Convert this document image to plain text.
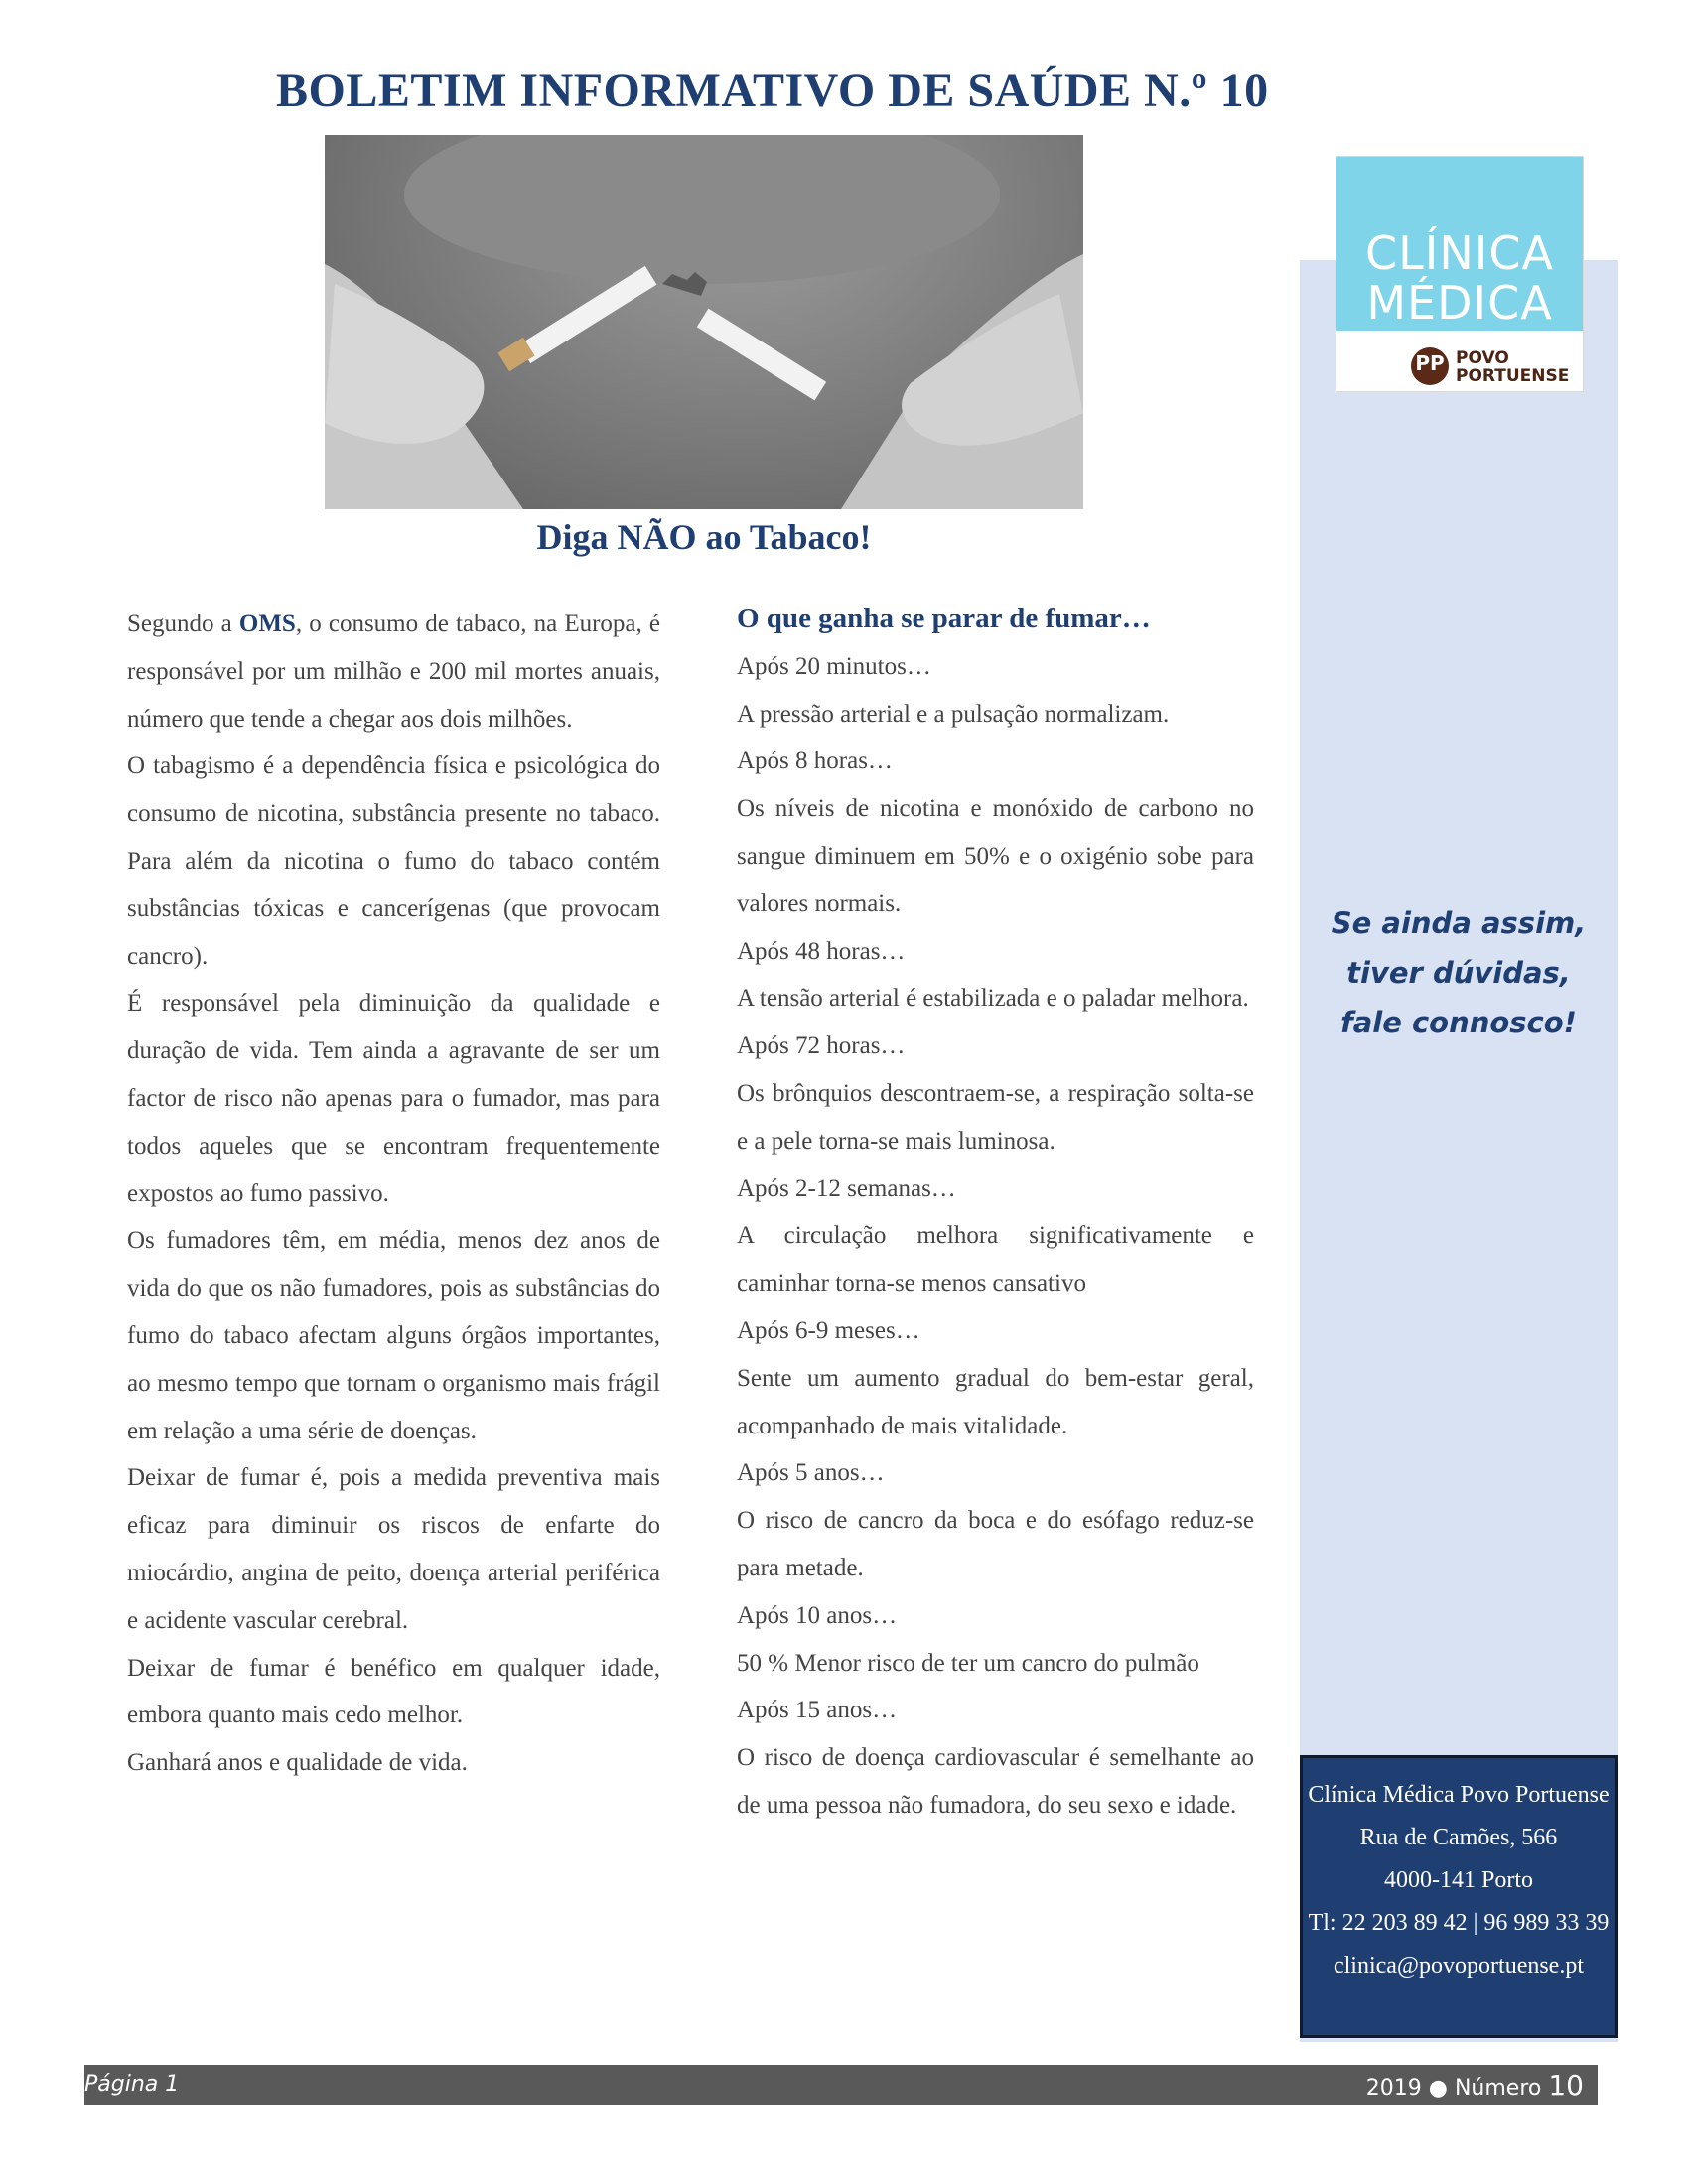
BOLETIM INFORMATIVO DE SAÚDE N.º 10
Diga NÃO ao Tabaco!
CLÍNICA
MÉDICA
PP POVO
PORTUENSE
Se ainda assim,
tiver dúvidas,
fale connosco!
Clínica Médica Povo Portuense
Rua de Camões, 566
4000-141 Porto
Tl: 22 203 89 42 | 96 989 33 39
clinica@povoportuense.pt

Segundo a OMS, o consumo de tabaco, na Europa, é responsável por um milhão e 200 mil mortes anuais, número que tende a chegar aos dois milhões.

O tabagismo é a dependência física e psicológica do consumo de nicotina, substância presente no tabaco. Para além da nicotina o fumo do tabaco contém substâncias tóxicas e cancerígenas (que provocam cancro).

É responsável pela diminuição da qualidade e duração de vida. Tem ainda a agravante de ser um factor de risco não apenas para o fumador, mas para todos aqueles que se encontram frequentemente expostos ao fumo passivo.

Os fumadores têm, em média, menos dez anos de vida do que os não fumadores, pois as substâncias do fumo do tabaco afectam alguns órgãos importantes, ao mesmo tempo que tornam o organismo mais frágil em relação a uma série de doenças.

Deixar de fumar é, pois a medida preventiva mais eficaz para diminuir os riscos de enfarte do miocárdio, angina de peito, doença arterial periférica e acidente vascular cerebral.

Deixar de fumar é benéfico em qualquer idade, embora quanto mais cedo melhor.

Ganhará anos e qualidade de vida.

O que ganha se parar de fumar…

Após 20 minutos…

A pressão arterial e a pulsação normalizam.

Após 8 horas…

Os níveis de nicotina e monóxido de carbono no sangue diminuem em 50% e o oxigénio sobe para valores normais.

Após 48 horas…

A tensão arterial é estabilizada e o paladar melhora.

Após 72 horas…

Os brônquios descontraem-se, a respiração solta-se e a pele torna-se mais luminosa.

Após 2-12 semanas…

A circulação melhora significativamente e caminhar torna-se menos cansativo

Após 6-9 meses…

Sente um aumento gradual do bem-estar geral, acompanhado de mais vitalidade.

Após 5 anos…

O risco de cancro da boca e do esófago reduz-se para metade.

Após 10 anos…

50 % Menor risco de ter um cancro do pulmão

Após 15 anos…

O risco de doença cardiovascular é semelhante ao de uma pessoa não fumadora, do seu sexo e idade.

Página 1	2019 ● Número 10
